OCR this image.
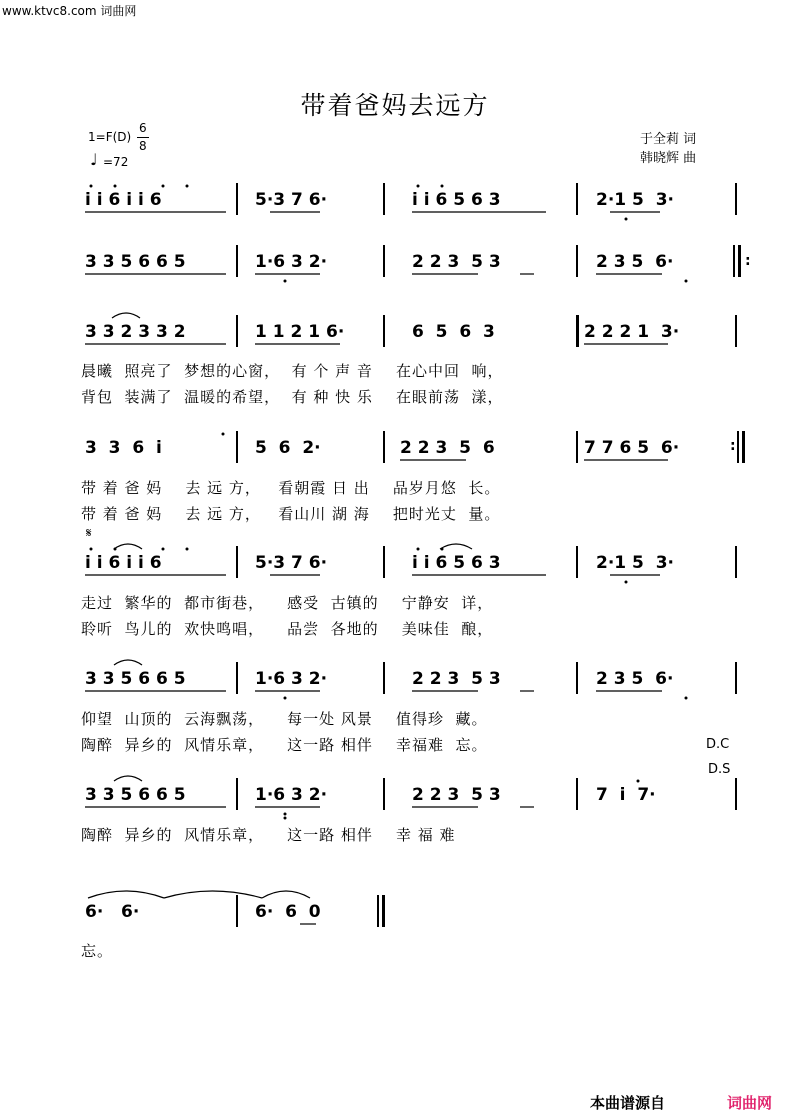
www.ktvc8.com 词曲网
带着爸妈去远方
1=F(D)
6
8
♩ =72
于全莉 词
韩晓辉 曲
i i 6 i i 6	5·3 7 6·	i i 6 5 6 3	2·1 5  3·
3 3 5 6 6 5	1·6 3 2·	2 2 3  5 3	2 3 5  6·	:
3 3 2 3 3 2	1 1 2 1 6·	6  5  6  3	2 2 2 1  3·
晨曦  照亮了  梦想的心窗，  有 个 声 音    在心中回  响，
背包  装满了  温暖的希望，  有 种 快 乐    在眼前荡  漾，
3  3  6  i	5  6  2·	2 2 3  5  6	7 7 6 5  6·	:
带 着 爸 妈    去 远 方，   看朝霞 日 出    品岁月悠  长。
带 着 爸 妈    去 远 方，   看山川 湖 海    把时光丈  量。
𝄋
i i 6 i i 6	5·3 7 6·	i i 6 5 6 3	2·1 5  3·
走过  繁华的  都市街巷，    感受  古镇的    宁静安  详，
聆听  鸟儿的  欢快鸣唱，    品尝  各地的    美味佳  酿，
3 3 5 6 6 5	1·6 3 2·	2 2 3  5 3	2 3 5  6·
仰望  山顶的  云海飘荡，    每一处 风景    值得珍  藏。
陶醉  异乡的  风情乐章，    这一路 相伴    幸福难  忘。	D.C
D.S
3 3 5 6 6 5	1·6 3 2·	2 2 3  5 3	7  i  7·
陶醉  异乡的  风情乐章，    这一路 相伴    幸 福 难
6·   6·	6·  6  0
忘。
本曲谱源自	词曲网
